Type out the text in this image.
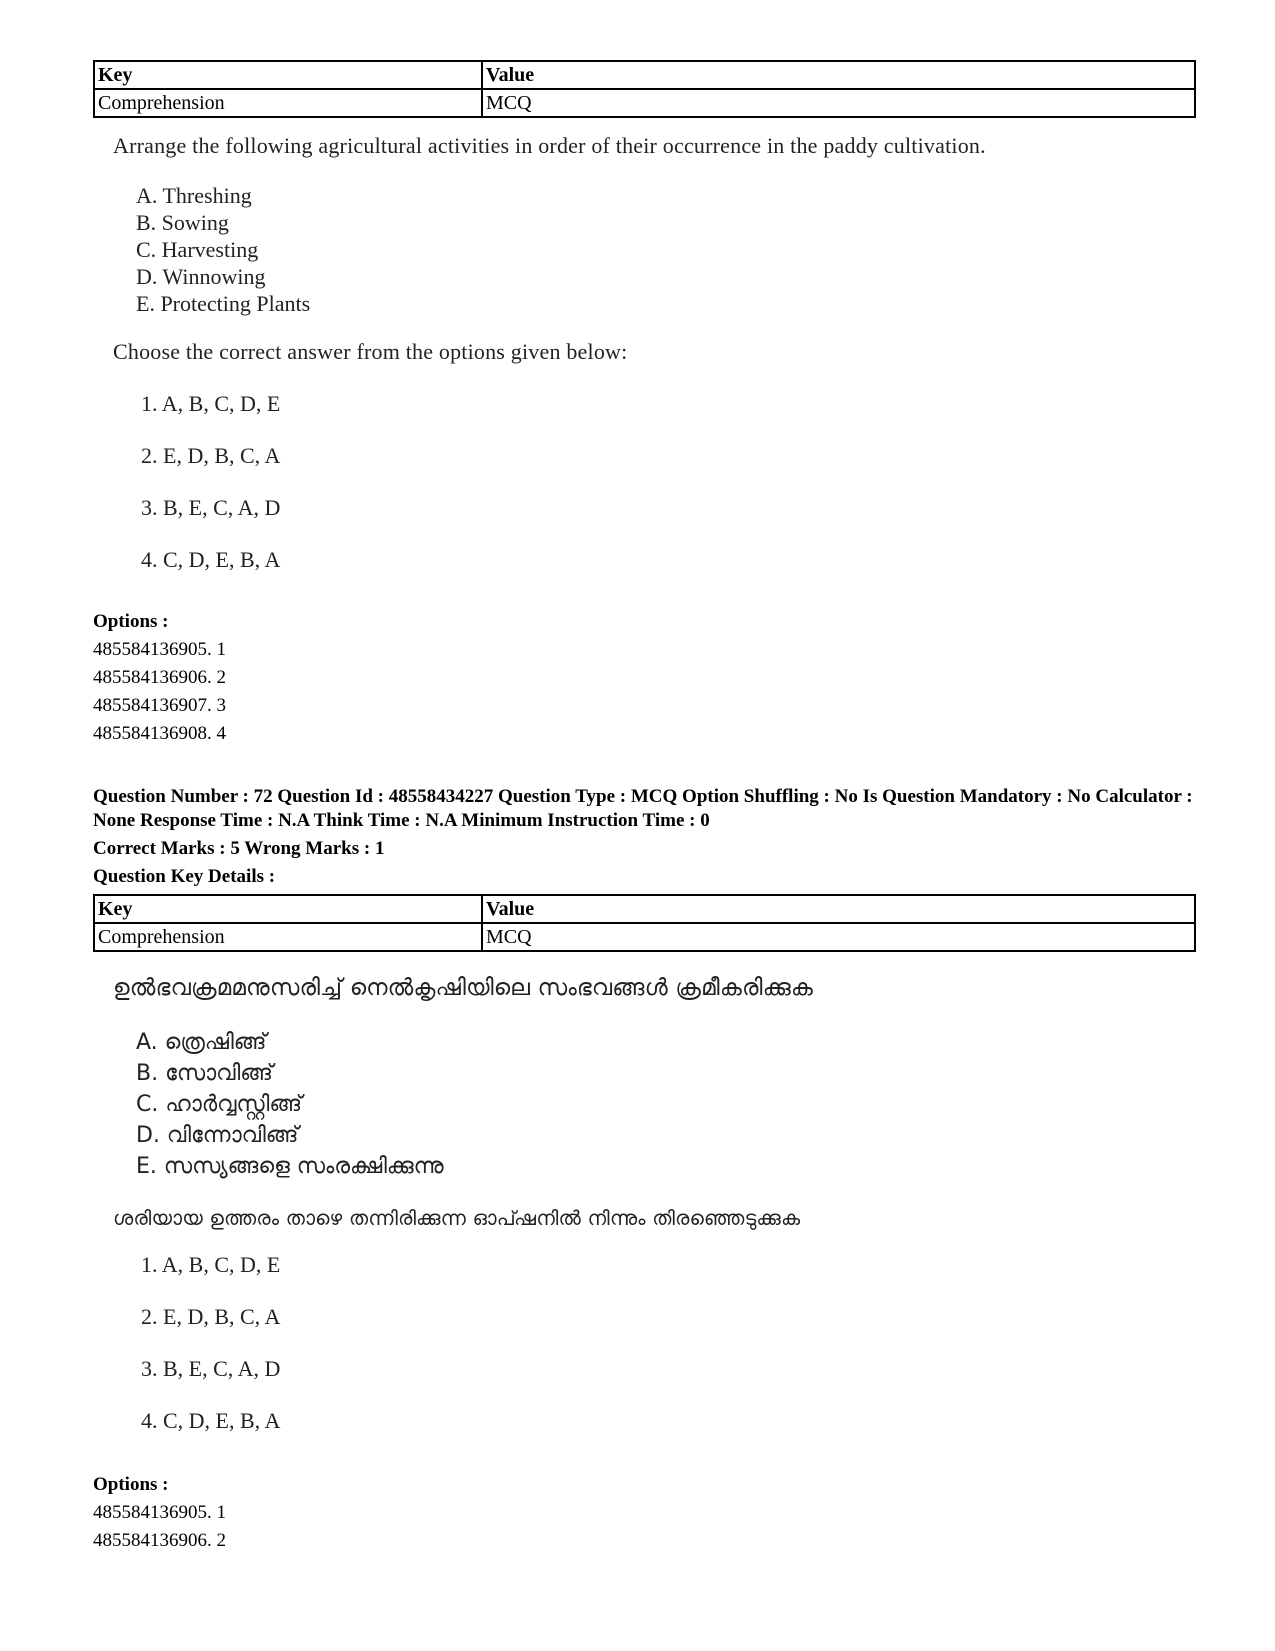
Key	Value
Comprehension	MCQ
Arrange the following agricultural activities in order of their occurrence in the paddy cultivation.
A. Threshing
B. Sowing
C. Harvesting
D. Winnowing
E. Protecting Plants
Choose the correct answer from the options given below:
1. A, B, C, D, E
2. E, D, B, C, A
3. B, E, C, A, D
4. C, D, E, B, A
Options :
485584136905. 1
485584136906. 2
485584136907. 3
485584136908. 4
Question Number : 72 Question Id : 48558434227 Question Type : MCQ Option Shuffling : No Is Question Mandatory : No Calculator : None Response Time : N.A Think Time : N.A Minimum Instruction Time : 0
Correct Marks : 5 Wrong Marks : 1
Question Key Details :
Key	Value
Comprehension	MCQ
ഉൽഭവക്രമമനുസരിച്ച് നെൽകൃഷിയിലെ സംഭവങ്ങൾ ക്രമീകരിക്കുക
A. ത്രെഷിങ്ങ്
B. സോവിങ്ങ്
C. ഹാർവ്വസ്റ്റിങ്ങ്
D. വിന്നോവിങ്ങ്
E. സസ്യങ്ങളെ സംരക്ഷിക്കുന്നു
ശരിയായ ഉത്തരം താഴെ തന്നിരിക്കുന്ന ഓപ്ഷനിൽ നിന്നും തിരഞ്ഞെടുക്കുക
1. A, B, C, D, E
2. E, D, B, C, A
3. B, E, C, A, D
4. C, D, E, B, A
Options :
485584136905. 1
485584136906. 2
